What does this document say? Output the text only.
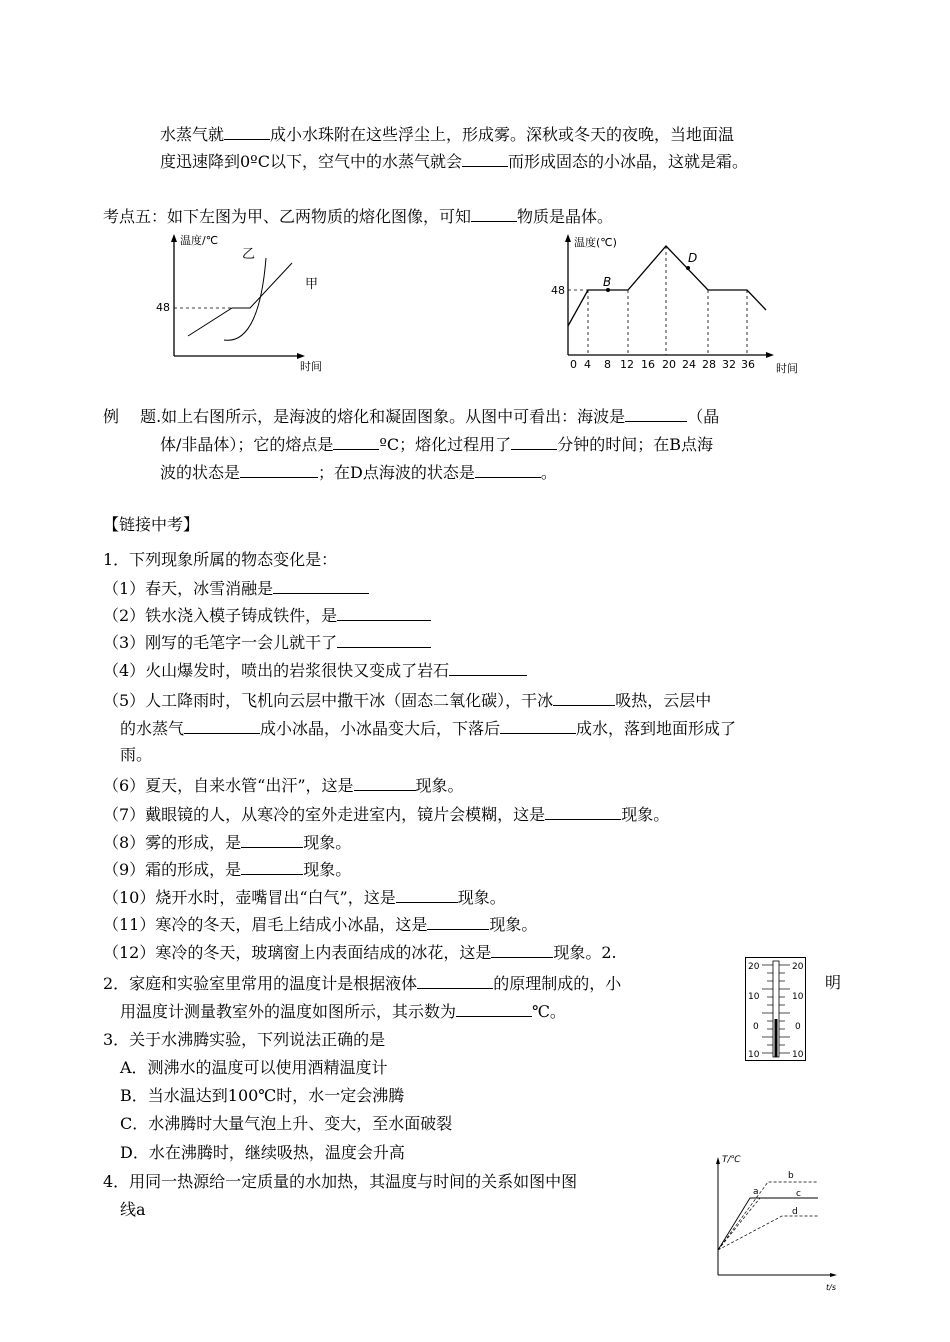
水蒸气就	成小水珠附在这些浮尘上，形成雾。深秋或冬天的夜晚，当地面温
度迅速降到0ºC以下，空气中的水蒸气就会	而形成固态的小冰晶，这就是霜。
考点五：如下左图为甲、乙两物质的熔化图像，可知	物质是晶体。
温度/℃
时间
48
乙
甲
温度(℃)
时间
48
B
D
0 4 8 12 16 20 24 28 32 36
例　 题.如上右图所示，是海波的熔化和凝固图象。从图中可看出：海波是	（晶
体/非晶体）；它的熔点是	ºC；熔化过程用了	分钟的时间；在B点海
波的状态是	；在D点海波的状态是	。
【链接中考】
1．下列现象所属的物态变化是：
（1）春天，冰雪消融是
（2）铁水浇入模子铸成铁件，是
（3）刚写的毛笔字一会儿就干了
（4）火山爆发时，喷出的岩浆很快又变成了岩石
（5）人工降雨时，飞机向云层中撒干冰（固态二氧化碳），干冰	吸热，云层中
的水蒸气	成小冰晶，小冰晶变大后，下落后	成水，落到地面形成了
雨。
（6）夏天，自来水管“出汗”，这是	现象。
（7）戴眼镜的人，从寒冷的室外走进室内，镜片会模糊，这是	现象。
（8）雾的形成，是	现象。
（9）霜的形成，是	现象。
（10）烧开水时，壶嘴冒出“白气”，这是	现象。
（11）寒冷的冬天，眉毛上结成小冰晶，这是	现象。
（12）寒冷的冬天，玻璃窗上内表面结成的冰花，这是	现象。2.
2．家庭和实验室里常用的温度计是根据液体	的原理制成的，小	明
用温度计测量教室外的温度如图所示，其示数为	℃。
20	20
10	10
0	0
10	10
3．关于水沸腾实验，下列说法正确的是
A．测沸水的温度可以使用酒精温度计
B．当水温达到100℃时，水一定会沸腾
C．水沸腾时大量气泡上升、变大，至水面破裂
D．水在沸腾时，继续吸热，温度会升高
4．用同一热源给一定质量的水加热，其温度与时间的关系如图中图
线a
T/℃
t/s
b
a	c
d
